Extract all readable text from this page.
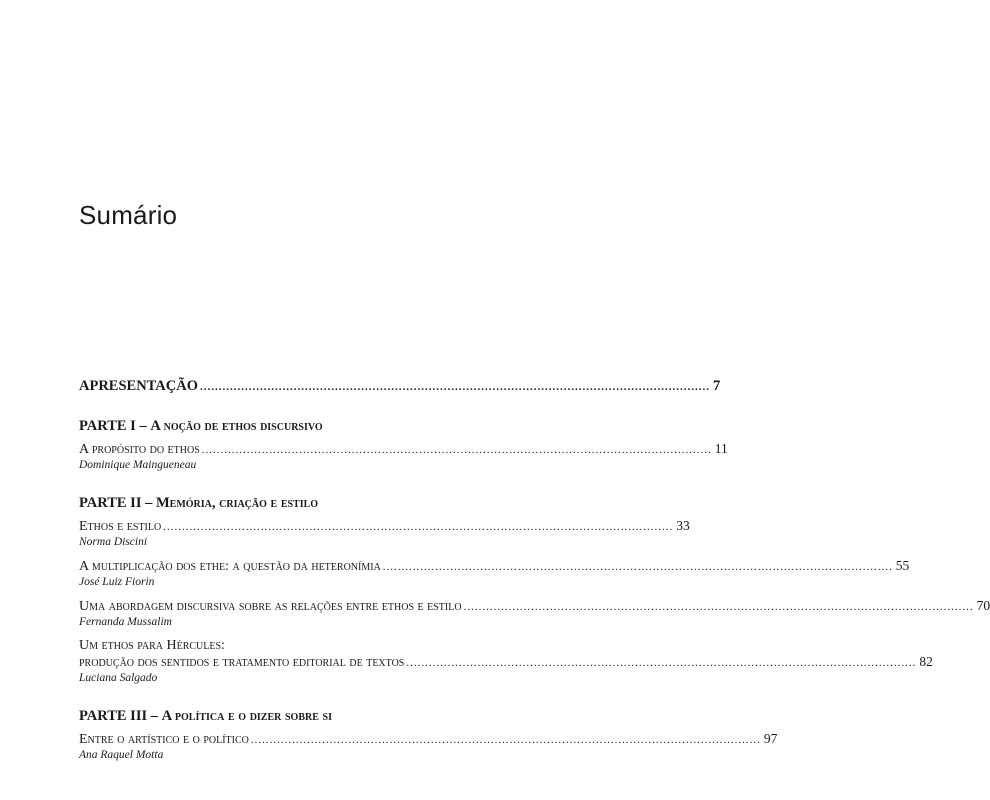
Sumário
APRESENTAÇÃO ........................................................................................................................................ 7
PARTE I – A noção de ethos discursivo
A propósito do ethos ........................................................................................................................................ 11
Dominique Maingueneau
PARTE II – Memória, criação e estilo
Ethos e estilo ........................................................................................................................................ 33
Norma Discini
A multiplicação dos ethe: a questão da heteronímia ........................................................................................................................................ 55
José Luiz Fiorin
Uma abordagem discursiva sobre as relações entre ethos e estilo ........................................................................................................................................ 70
Fernanda Mussalim
Um ethos para Hércules:
produção dos sentidos e tratamento editorial de textos ........................................................................................................................................ 82
Luciana Salgado
PARTE III – A política e o dizer sobre si
Entre o artístico e o político ........................................................................................................................................ 97
Ana Raquel Motta
